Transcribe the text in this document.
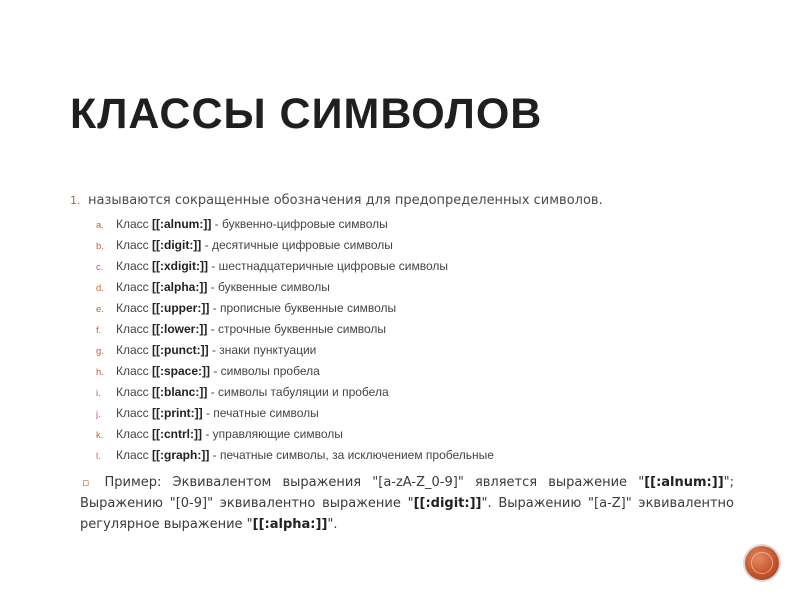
КЛАССЫ СИМВОЛОВ
1. называются сокращенные обозначения для предопределенных символов.
a. Класс [[:alnum:]] - буквенно-цифровые символы
b. Класс [[:digit:]] - десятичные цифровые символы
c. Класс [[:xdigit:]] - шестнадцатеричные цифровые символы
d. Класс [[:alpha:]] - буквенные символы
e. Класс [[:upper:]] - прописные буквенные символы
f. Класс [[:lower:]] - строчные буквенные символы
g. Класс [[:punct:]] - знаки пунктуации
h. Класс [[:space:]] - символы пробела
i. Класс [[:blanc:]] - символы табуляции и пробела
j. Класс [[:print:]] - печатные символы
k. Класс [[:cntrl:]] - управляющие символы
l. Класс [[:graph:]] - печатные символы, за исключением пробельные
▫ Пример: Эквивалентом выражения "[a-zA-Z_0-9]" является выражение "[[:alnum:]]"; Выражению "[0-9]" эквивалентно выражение "[[:digit:]]". Выражению "[a-Z]" эквивалентно регулярное выражение "[[:alpha:]]".
